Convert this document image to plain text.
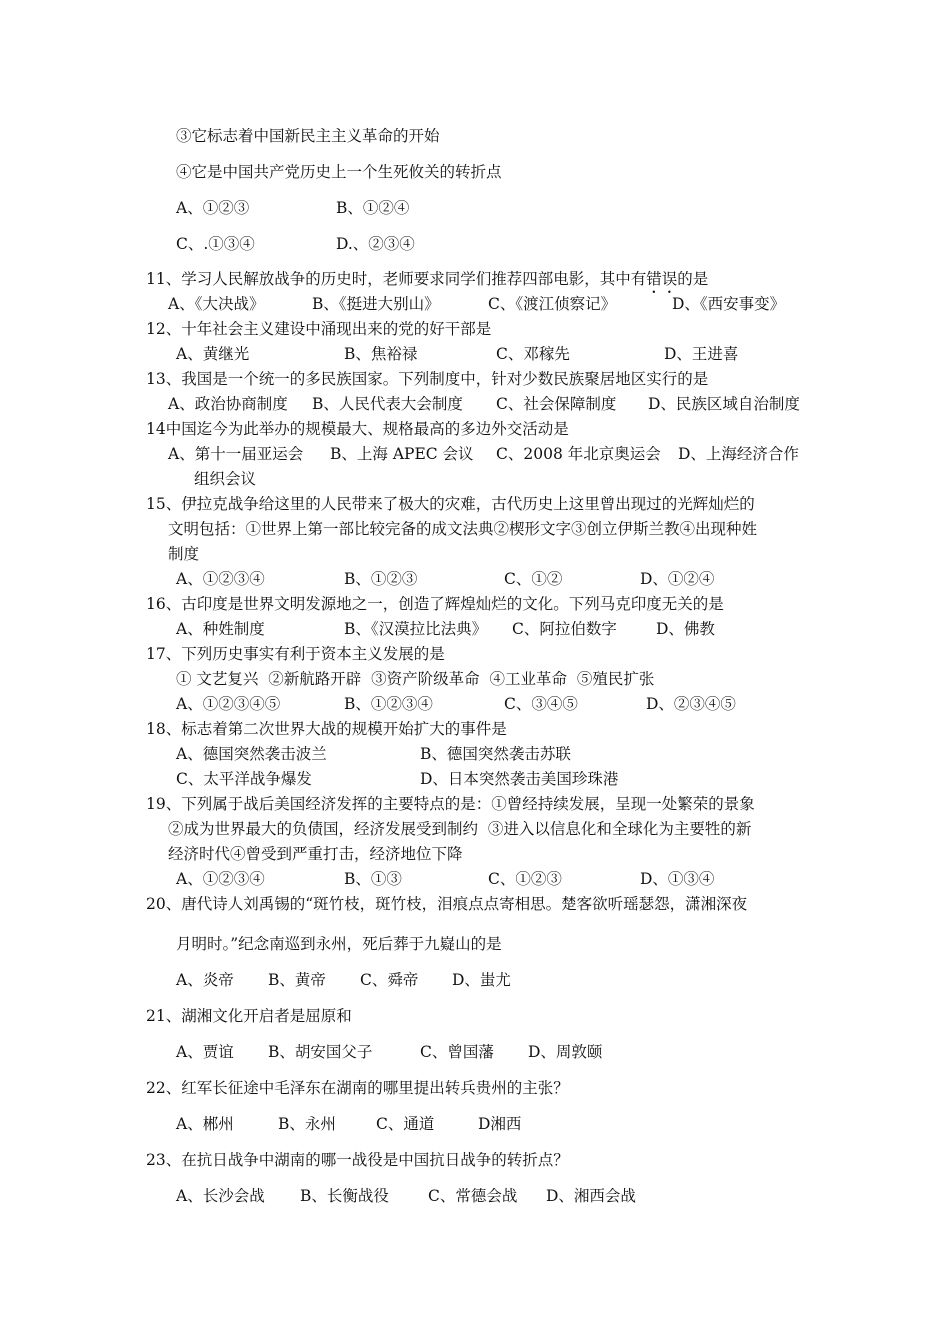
③它标志着中国新民主主义革命的开始
④它是中国共产党历史上一个生死攸关的转折点
A、①②③	B、①②④
C、.①③④	D.、②③④
11、学习人民解放战争的历史时，老师要求同学们推荐四部电影，其中有错误的是
A、《大决战》	B、《挺进大别山》	C、《渡江侦察记》	D、《西安事变》
12、十年社会主义建设中涌现出来的党的好干部是
A、黄继光	B、焦裕禄	C、邓稼先	D、王进喜
13、我国是一个统一的多民族国家。下列制度中，针对少数民族聚居地区实行的是
A、政治协商制度 B、人民代表大会制度 C、社会保障制度 D、民族区域自治制度
14中国迄今为此举办的规模最大、规格最高的多边外交活动是
A、第十一届亚运会 B、上海 APEC 会议 C、2008 年北京奥运会 D、上海经济合作
组织会议
15、伊拉克战争给这里的人民带来了极大的灾难，古代历史上这里曾出现过的光辉灿烂的
文明包括：①世界上第一部比较完备的成文法典②楔形文字③创立伊斯兰教④出现种姓
制度
A、①②③④	B、①②③	C、①②	D、①②④
16、古印度是世界文明发源地之一，创造了辉煌灿烂的文化。下列马克印度无关的是
A、种姓制度	B、《汉漠拉比法典》 C、阿拉伯数字	D、佛教
17、下列历史事实有利于资本主义发展的是
① 文艺复兴  ②新航路开辟  ③资产阶级革命  ④工业革命  ⑤殖民扩张
A、①②③④⑤	B、①②③④	C、③④⑤	D、②③④⑤
18、标志着第二次世界大战的规模开始扩大的事件是
A、德国突然袭击波兰	B、德国突然袭击苏联
C、太平洋战争爆发	D、日本突然袭击美国珍珠港
19、下列属于战后美国经济发挥的主要特点的是：①曾经持续发展，呈现一处繁荣的景象
②成为世界最大的负债国，经济发展受到制约  ③进入以信息化和全球化为主要牲的新
经济时代④曾受到严重打击，经济地位下降
A、①②③④	B、①③	C、①②③	D、①③④
20、唐代诗人刘禹锡的“斑竹枝，斑竹枝，泪痕点点寄相思。楚客欲听瑶瑟怨，潇湘深夜
月明时。”纪念南巡到永州，死后葬于九嶷山的是
A、炎帝 B、黄帝 C、舜帝 D、蚩尤
21、湖湘文化开启者是屈原和
A、贾谊 B、胡安国父子	C、曾国藩 D、周敦颐
22、红军长征途中毛泽东在湖南的哪里提出转兵贵州的主张？
A、郴州	B、永州	C、通道	D湘西
23、在抗日战争中湖南的哪一战役是中国抗日战争的转折点？
A、长沙会战 B、长衡战役	C、常德会战 D、湘西会战
